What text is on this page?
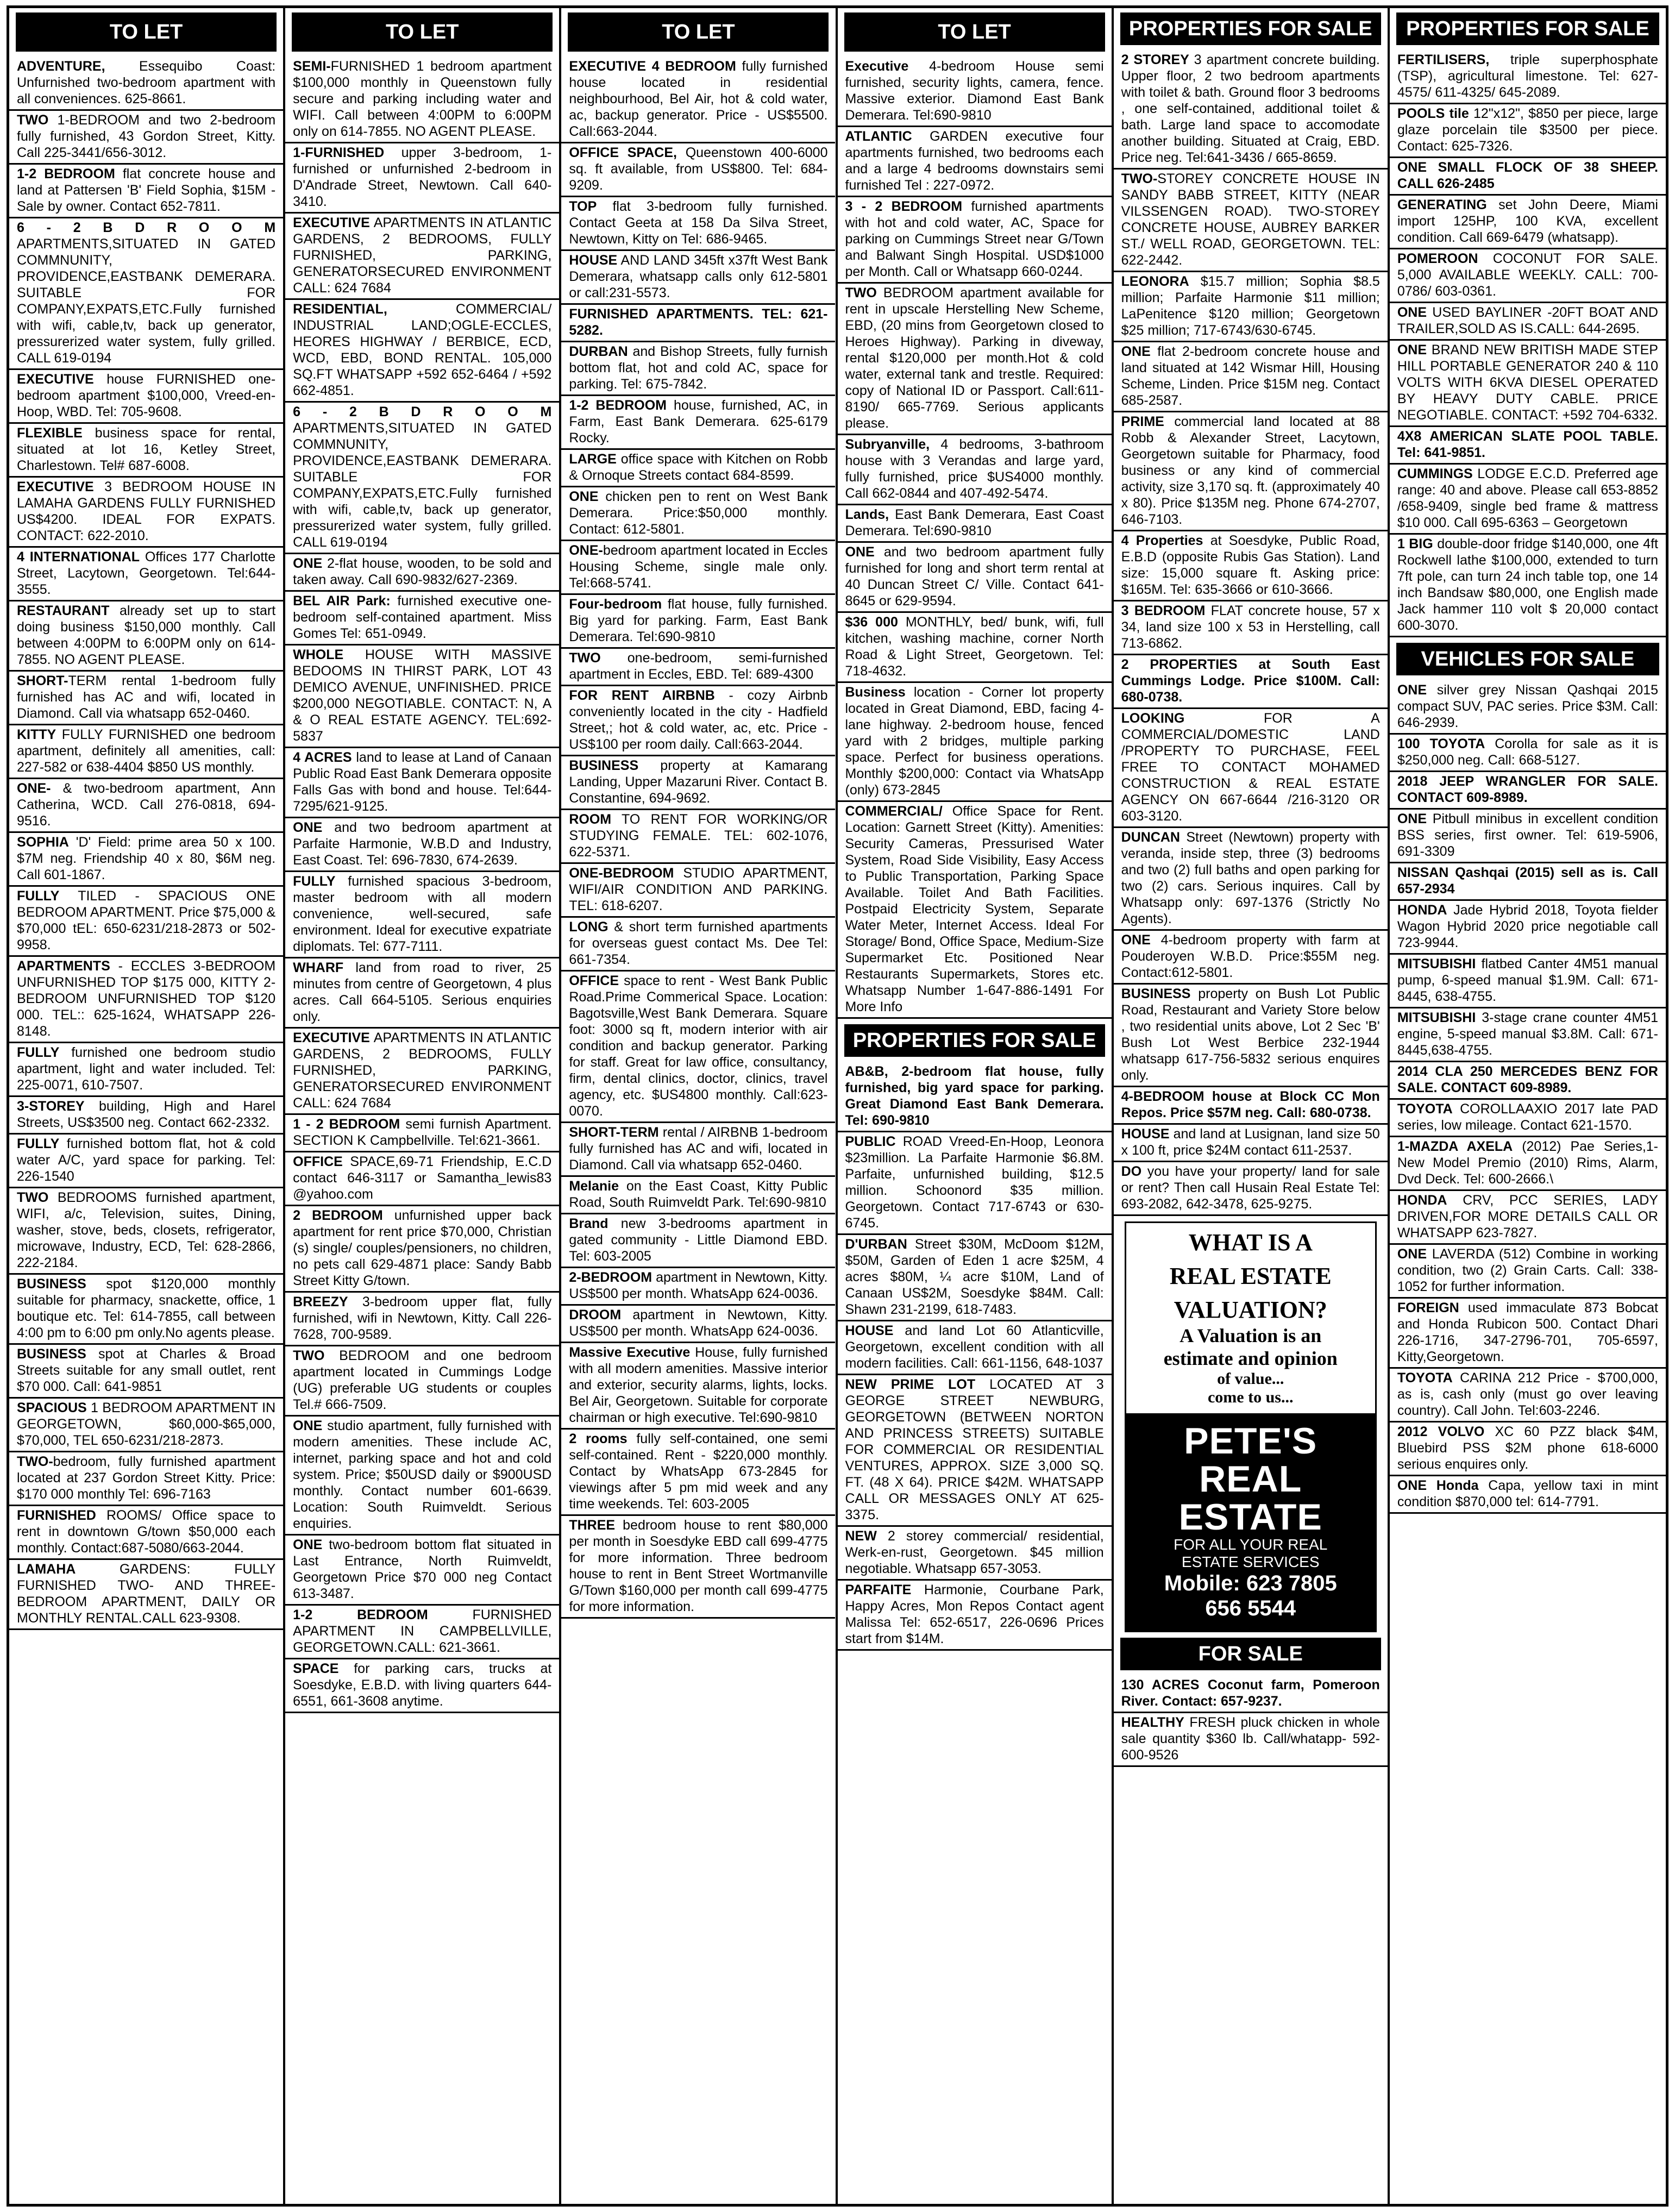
TO LET
ADVENTURE, Essequibo Coast: Unfurnished two-bedroom apartment with all conveniences. 625-8661.
TWO 1-BEDROOM and two 2-bedroom fully furnished, 43 Gordon Street, Kitty. Call 225-3441/656-3012.
1-2 BEDROOM flat concrete house and land at Pattersen 'B' Field Sophia, $15M - Sale by owner. Contact 652-7811.
6 - 2 B D R O O M APARTMENTS,SITUATED IN GATED COMMNUNITY, PROVIDENCE,EASTBANK DEMERARA. SUITABLE FOR COMPANY,EXPATS,ETC.Fully furnished with wifi, cable,tv, back up generator, pressurerized water system, fully grilled. CALL 619-0194
EXECUTIVE house FURNISHED one-bedroom apartment $100,000, Vreed-en-Hoop, WBD. Tel: 705-9608.
FLEXIBLE business space for rental, situated at lot 16, Ketley Street, Charlestown. Tel# 687-6008.
EXECUTIVE 3 BEDROOM HOUSE IN LAMAHA GARDENS FULLY FURNISHED US$4200. IDEAL FOR EXPATS. CONTACT: 622-2010.
4 INTERNATIONAL Offices 177 Charlotte Street, Lacytown, Georgetown. Tel:644-3555.
RESTAURANT already set up to start doing business $150,000 monthly. Call between 4:00PM to 6:00PM only on 614-7855. NO AGENT PLEASE.
SHORT-TERM rental 1-bedroom fully furnished has AC and wifi, located in Diamond. Call via whatsapp 652-0460.
KITTY FULLY FURNISHED one bedroom apartment, definitely all amenities, call: 227-582 or 638-4404 $850 US monthly.
ONE- & two-bedroom apartment, Ann Catherina, WCD. Call 276-0818, 694-9516.
SOPHIA 'D' Field: prime area 50 x 100. $7M neg. Friendship 40 x 80, $6M neg. Call 601-1867.
FULLY TILED - SPACIOUS ONE BEDROOM APARTMENT. Price $75,000 & $70,000 tEL: 650-6231/218-2873 or 502-9958.
APARTMENTS - ECCLES 3-BEDROOM UNFURNISHED TOP $175 000, KITTY 2-BEDROOM UNFURNISHED TOP $120 000. TEL:: 625-1624, WHATSAPP 226-8148.
FULLY furnished one bedroom studio apartment, light and water included. Tel: 225-0071, 610-7507.
3-STOREY building, High and Harel Streets, US$3500 neg. Contact 662-2332.
FULLY furnished bottom flat, hot & cold water A/C, yard space for parking. Tel: 226-1540
TWO BEDROOMS furnished apartment, WIFI, a/c, Television, suites, Dining, washer, stove, beds, closets, refrigerator, microwave, Industry, ECD, Tel: 628-2866, 222-2184.
BUSINESS spot $120,000 monthly suitable for pharmacy, snackette, office, 1 boutique etc. Tel: 614-7855, call between 4:00 pm to 6:00 pm only.No agents please.
BUSINESS spot at Charles & Broad Streets suitable for any small outlet, rent $70 000. Call: 641-9851
SPACIOUS 1 BEDROOM APARTMENT IN GEORGETOWN, $60,000-$65,000, $70,000, TEL 650-6231/218-2873.
TWO-bedroom, fully furnished apartment located at 237 Gordon Street Kitty. Price: $170 000 monthly Tel: 696-7163
FURNISHED ROOMS/ Office space to rent in downtown G/town $50,000 each monthly. Contact:687-5080/663-2044.
LAMAHA GARDENS: FULLY FURNISHED TWO- AND THREE-BEDROOM APARTMENT, DAILY OR MONTHLY RENTAL.CALL 623-9308.
TO LET
SEMI-FURNISHED 1 bedroom apartment $100,000 monthly in Queenstown fully secure and parking including water and WIFI. Call between 4:00PM to 6:00PM only on 614-7855. NO AGENT PLEASE.
1-FURNISHED upper 3-bedroom, 1-furnished or unfurnished 2-bedroom in D'Andrade Street, Newtown. Call 640-3410.
EXECUTIVE APARTMENTS IN ATLANTIC GARDENS, 2 BEDROOMS, FULLY FURNISHED, PARKING, GENERATORSECURED ENVIRONMENT CALL: 624 7684
RESIDENTIAL, COMMERCIAL/ INDUSTRIAL LAND;OGLE-ECCLES, HEORES HIGHWAY / BERBICE, ECD, WCD, EBD, BOND RENTAL. 105,000 SQ.FT WHATSAPP +592 652-6464 / +592 662-4851.
6 - 2 B D R O O M APARTMENTS,SITUATED IN GATED COMMNUNITY, PROVIDENCE,EASTBANK DEMERARA. SUITABLE FOR COMPANY,EXPATS,ETC.Fully furnished with wifi, cable,tv, back up generator, pressurerized water system, fully grilled. CALL 619-0194
ONE 2-flat house, wooden, to be sold and taken away. Call 690-9832/627-2369.
BEL AIR Park: furnished executive one-bedroom self-contained apartment. Miss Gomes Tel: 651-0949.
WHOLE HOUSE WITH MASSIVE BEDOOMS IN THIRST PARK, LOT 43 DEMICO AVENUE, UNFINISHED. PRICE $200,000 NEGOTIABLE. CONTACT: N, A & O REAL ESTATE AGENCY. TEL:692-5837
4 ACRES land to lease at Land of Canaan Public Road East Bank Demerara opposite Falls Gas with bond and house. Tel:644-7295/621-9125.
ONE and two bedroom apartment at Parfaite Harmonie, W.B.D and Industry, East Coast. Tel: 696-7830, 674-2639.
FULLY furnished spacious 3-bedroom, master bedroom with all modern convenience, well-secured, safe environment. Ideal for executive expatriate diplomats. Tel: 677-7111.
WHARF land from road to river, 25 minutes from centre of Georgetown, 4 plus acres. Call 664-5105. Serious enquiries only.
EXECUTIVE APARTMENTS IN ATLANTIC GARDENS, 2 BEDROOMS, FULLY FURNISHED, PARKING, GENERATORSECURED ENVIRONMENT CALL: 624 7684
1 - 2 BEDROOM semi furnish Apartment. SECTION K Campbellville. Tel:621-3661.
OFFICE SPACE,69-71 Friendship, E.C.D contact 646-3117 or Samantha_lewis83 @yahoo.com
2 BEDROOM unfurnished upper back apartment for rent price $70,000, Christian (s) single/ couples/pensioners, no children, no pets call 629-4871 place: Sandy Babb Street Kitty G/town.
BREEZY 3-bedroom upper flat, fully furnished, wifi in Newtown, Kitty. Call 226-7628, 700-9589.
TWO BEDROOM and one bedroom apartment located in Cummings Lodge (UG) preferable UG students or couples Tel.# 666-7509.
ONE studio apartment, fully furnished with modern amenities. These include AC, internet, parking space and hot and cold system. Price; $50USD daily or $900USD monthly. Contact number 601-6639. Location: South Ruimveldt. Serious enquiries.
ONE two-bedroom bottom flat situated in Last Entrance, North Ruimveldt, Georgetown Price $70 000 neg Contact 613-3487.
1-2 BEDROOM FURNISHED APARTMENT IN CAMPBELLVILLE, GEORGETOWN.CALL: 621-3661.
SPACE for parking cars, trucks at Soesdyke, E.B.D. with living quarters 644-6551, 661-3608 anytime.
TO LET
EXECUTIVE 4 BEDROOM fully furnished house located in residential neighbourhood, Bel Air, hot & cold water, ac, backup generator. Price - US$5500. Call:663-2044.
OFFICE SPACE, Queenstown 400-6000 sq. ft available, from US$800. Tel: 684-9209.
TOP flat 3-bedroom fully furnished. Contact Geeta at 158 Da Silva Street, Newtown, Kitty on Tel: 686-9465.
HOUSE AND LAND 345ft x37ft West Bank Demerara, whatsapp calls only 612-5801 or call:231-5573.
FURNISHED APARTMENTS. TEL: 621-5282.
DURBAN and Bishop Streets, fully furnish bottom flat, hot and cold AC, space for parking. Tel: 675-7842.
1-2 BEDROOM house, furnished, AC, in Farm, East Bank Demerara. 625-6179 Rocky.
LARGE office space with Kitchen on Robb & Ornoque Streets contact 684-8599.
ONE chicken pen to rent on West Bank Demerara. Price:$50,000 monthly. Contact: 612-5801.
ONE-bedroom apartment located in Eccles Housing Scheme, single male only. Tel:668-5741.
Four-bedroom flat house, fully furnished. Big yard for parking. Farm, East Bank Demerara. Tel:690-9810
TWO one-bedroom, semi-furnished apartment in Eccles, EBD. Tel: 689-4300
FOR RENT AIRBNB - cozy Airbnb conveniently located in the city - Hadfield Street,; hot & cold water, ac, etc. Price - US$100 per room daily. Call:663-2044.
BUSINESS property at Kamarang Landing, Upper Mazaruni River. Contact B. Constantine, 694-9692.
ROOM TO RENT FOR WORKING/OR STUDYING FEMALE. TEL: 602-1076, 622-5371.
ONE-BEDROOM STUDIO APARTMENT, WIFI/AIR CONDITION AND PARKING. TEL: 618-6207.
LONG & short term furnished apartments for overseas guest contact Ms. Dee Tel: 661-7354.
OFFICE space to rent - West Bank Public Road.Prime Commerical Space. Location: Bagotsville,West Bank Demerara. Square foot: 3000 sq ft, modern interior with air condition and backup generator. Parking for staff. Great for law office, consultancy, firm, dental clinics, doctor, clinics, travel agency, etc. $US4800 monthly. Call:623-0070.
SHORT-TERM rental / AIRBNB 1-bedroom fully furnished has AC and wifi, located in Diamond. Call via whatsapp 652-0460.
Melanie on the East Coast, Kitty Public Road, South Ruimveldt Park. Tel:690-9810
Brand new 3-bedrooms apartment in gated community - Little Diamond EBD. Tel: 603-2005
2-BEDROOM apartment in Newtown, Kitty. US$500 per month. WhatsApp 624-0036.
DROOM apartment in Newtown, Kitty. US$500 per month. WhatsApp 624-0036.
Massive Executive House, fully furnished with all modern amenities. Massive interior and exterior, security alarms, lights, locks. Bel Air, Georgetown. Suitable for corporate chairman or high executive. Tel:690-9810
2 rooms fully self-contained, one semi self-contained. Rent - $220,000 monthly. Contact by WhatsApp 673-2845 for viewings after 5 pm mid week and any time weekends. Tel: 603-2005
THREE bedroom house to rent $80,000 per month in Soesdyke EBD call 699-4775 for more information. Three bedroom house to rent in Bent Street Wortmanville G/Town $160,000 per month call 699-4775 for more information.
TO LET
Executive 4-bedroom House semi furnished, security lights, camera, fence. Massive exterior. Diamond East Bank Demerara. Tel:690-9810
ATLANTIC GARDEN executive four apartments furnished, two bedrooms each and a large 4 bedrooms downstairs semi furnished Tel : 227-0972.
3 - 2 BEDROOM furnished apartments with hot and cold water, AC, Space for parking on Cummings Street near G/Town and Balwant Singh Hospital. USD$1000 per Month. Call or Whatsapp 660-0244.
TWO BEDROOM apartment available for rent in upscale Herstelling New Scheme, EBD, (20 mins from Georgetown closed to Heroes Highway). Parking in diveway, rental $120,000 per month.Hot & cold water, external tank and trestle. Required: copy of National ID or Passport. Call:611-8190/ 665-7769. Serious applicants please.
Subryanville, 4 bedrooms, 3-bathroom house with 3 Verandas and large yard, fully furnished, price $US4000 monthly. Call 662-0844 and 407-492-5474.
Lands, East Bank Demerara, East Coast Demerara. Tel:690-9810
ONE and two bedroom apartment fully furnished for long and short term rental at 40 Duncan Street C/ Ville. Contact 641-8645 or 629-9594.
$36 000 MONTHLY, bed/ bunk, wifi, full kitchen, washing machine, corner North Road & Light Street, Georgetown. Tel: 718-4632.
Business location - Corner lot property located in Great Diamond, EBD, facing 4-lane highway. 2-bedroom house, fenced yard with 2 bridges, multiple parking space. Perfect for business operations. Monthly $200,000: Contact via WhatsApp (only) 673-2845
COMMERCIAL/ Office Space for Rent. Location: Garnett Street (Kitty). Amenities: Security Cameras, Pressurised Water System, Road Side Visibility, Easy Access to Public Transportation, Parking Space Available. Toilet And Bath Facilities. Postpaid Electricity System, Separate Water Meter, Internet Access. Ideal For Storage/ Bond, Office Space, Medium-Size Supermarket Etc. Positioned Near Restaurants Supermarkets, Stores etc. Whatsapp Number 1-647-886-1491 For More Info
PROPERTIES FOR SALE
AB&B, 2-bedroom flat house, fully furnished, big yard space for parking. Great Diamond East Bank Demerara. Tel: 690-9810
PUBLIC ROAD Vreed-En-Hoop, Leonora $23million. La Parfaite Harmonie $6.8M. Parfaite, unfurnished building, $12.5 million. Schoonord $35 million. Georgetown. Contact 717-6743 or 630-6745.
D'URBAN Street $30M, McDoom $12M, $50M, Garden of Eden 1 acre $25M, 4 acres $80M, ¼ acre $10M, Land of Canaan US$2M, Soesdyke $84M. Call: Shawn 231-2199, 618-7483.
HOUSE and land Lot 60 Atlanticville, Georgetown, excellent condition with all modern facilities. Call: 661-1156, 648-1037
NEW PRIME LOT LOCATED AT 3 GEORGE STREET NEWBURG, GEORGETOWN (BETWEEN NORTON AND PRINCESS STREETS) SUITABLE FOR COMMERCIAL OR RESIDENTIAL VENTURES, APPROX. SIZE 3,000 SQ. FT. (48 X 64). PRICE $42M. WHATSAPP CALL OR MESSAGES ONLY AT 625-3375.
NEW 2 storey commercial/ residential, Werk-en-rust, Georgetown. $45 million negotiable. Whatsapp 657-3053.
PARFAITE Harmonie, Courbane Park, Happy Acres, Mon Repos Contact agent Malissa Tel: 652-6517, 226-0696 Prices start from $14M.
PROPERTIES FOR SALE
2 STOREY 3 apartment concrete building. Upper floor, 2 two bedroom apartments with toilet & bath. Ground floor 3 bedrooms , one self-contained, additional toilet & bath. Large land space to accomodate another building. Situated at Craig, EBD. Price neg. Tel:641-3436 / 665-8659.
TWO-STOREY CONCRETE HOUSE IN SANDY BABB STREET, KITTY (NEAR VILSSENGEN ROAD). TWO-STOREY CONCRETE HOUSE, AUBREY BARKER ST./ WELL ROAD, GEORGETOWN. TEL: 622-2442.
LEONORA $15.7 million; Sophia $8.5 million; Parfaite Harmonie $11 million; LaPenitence $120 million; Georgetown $25 million; 717-6743/630-6745.
ONE flat 2-bedroom concrete house and land situated at 142 Wismar Hill, Housing Scheme, Linden. Price $15M neg. Contact 685-2587.
PRIME commercial land located at 88 Robb & Alexander Street, Lacytown, Georgetown suitable for Pharmacy, food business or any kind of commercial activity, size 3,170 sq. ft. (approximately 40 x 80). Price $135M neg. Phone 674-2707, 646-7103.
4 Properties at Soesdyke, Public Road, E.B.D (opposite Rubis Gas Station). Land size: 15,000 square ft. Asking price: $165M. Tel: 635-3666 or 610-3666.
3 BEDROOM FLAT concrete house, 57 x 34, land size 100 x 53 in Herstelling, call 713-6862.
2 PROPERTIES at South East Cummings Lodge. Price $100M. Call: 680-0738.
LOOKING FOR A COMMERCIAL/DOMESTIC LAND /PROPERTY TO PURCHASE, FEEL FREE TO CONTACT MOHAMED CONSTRUCTION & REAL ESTATE AGENCY ON 667-6644 /216-3120 OR 603-3120.
DUNCAN Street (Newtown) property with veranda, inside step, three (3) bedrooms and two (2) full baths and open parking for two (2) cars. Serious inquires. Call by Whatsapp only: 697-1376 (Strictly No Agents).
ONE 4-bedroom property with farm at Pouderoyen W.B.D. Price:$55M neg. Contact:612-5801.
BUSINESS property on Bush Lot Public Road, Restaurant and Variety Store below , two residential units above, Lot 2 Sec 'B' Bush Lot West Berbice 232-1944 whatsapp 617-756-5832 serious enquires only.
4-BEDROOM house at Block CC Mon Repos. Price $57M neg. Call: 680-0738.
HOUSE and land at Lusignan, land size 50 x 100 ft, price $24M contact 611-2537.
DO you have your property/ land for sale or rent? Then call Husain Real Estate Tel: 693-2082, 642-3478, 625-9275.
WHAT IS A
REAL ESTATE
VALUATION?
A Valuation is an
estimate and opinion
of value...
come to us...
PETE'S
REAL ESTATE
FOR ALL YOUR REAL
ESTATE SERVICES
Mobile: 623 7805
656 5544
FOR SALE
130 ACRES Coconut farm, Pomeroon River. Contact: 657-9237.
HEALTHY FRESH pluck chicken in whole sale quantity $360 lb. Call/whatapp- 592-600-9526
PROPERTIES FOR SALE
FERTILISERS, triple superphosphate (TSP), agricultural limestone. Tel: 627-4575/ 611-4325/ 645-2089.
POOLS tile 12"x12", $850 per piece, large glaze porcelain tile $3500 per piece. Contact: 625-7326.
ONE SMALL FLOCK OF 38 SHEEP. CALL 626-2485
GENERATING set John Deere, Miami import 125HP, 100 KVA, excellent condition. Call 669-6479 (whatsapp).
POMEROON COCONUT FOR SALE. 5,000 AVAILABLE WEEKLY. CALL: 700-0786/ 603-0361.
ONE USED BAYLINER -20FT BOAT AND TRAILER,SOLD AS IS.CALL: 644-2695.
ONE BRAND NEW BRITISH MADE STEP HILL PORTABLE GENERATOR 240 & 110 VOLTS WITH 6KVA DIESEL OPERATED BY HEAVY DUTY CABLE. PRICE NEGOTIABLE. CONTACT: +592 704-6332.
4X8 AMERICAN SLATE POOL TABLE. Tel: 641-9851.
CUMMINGS LODGE E.C.D. Preferred age range: 40 and above. Please call 653-8852 /658-9409, single bed frame & mattress $10 000. Call 695-6363 – Georgetown
1 BIG double-door fridge $140,000, one 4ft Rockwell lathe $100,000, extended to turn 7ft pole, can turn 24 inch table top, one 14 inch Bandsaw $80,000, one English made Jack hammer 110 volt $ 20,000 contact 600-3070.
VEHICLES FOR SALE
ONE silver grey Nissan Qashqai 2015 compact SUV, PAC series. Price $3M. Call: 646-2939.
100 TOYOTA Corolla for sale as it is $250,000 neg. Call: 668-5127.
2018 JEEP WRANGLER FOR SALE. CONTACT 609-8989.
ONE Pitbull minibus in excellent condition BSS series, first owner. Tel: 619-5906, 691-3309
NISSAN Qashqai (2015) sell as is. Call 657-2934
HONDA Jade Hybrid 2018, Toyota fielder Wagon Hybrid 2020 price negotiable call 723-9944.
MITSUBISHI flatbed Canter 4M51 manual pump, 6-speed manual $1.9M. Call: 671-8445, 638-4755.
MITSUBISHI 3-stage crane counter 4M51 engine, 5-speed manual $3.8M. Call: 671-8445,638-4755.
2014 CLA 250 MERCEDES BENZ FOR SALE. CONTACT 609-8989.
TOYOTA COROLLAAXIO 2017 late PAD series, low mileage. Contact 621-1570.
1-MAZDA AXELA (2012) Pae Series,1- New Model Premio (2010) Rims, Alarm, Dvd Deck. Tel: 600-2666.\
HONDA CRV, PCC SERIES, LADY DRIVEN,FOR MORE DETAILS CALL OR WHATSAPP 623-7827.
ONE LAVERDA (512) Combine in working condition, two (2) Grain Carts. Call: 338-1052 for further information.
FOREIGN used immaculate 873 Bobcat and Honda Rubicon 500. Contact Dhari 226-1716, 347-2796-701, 705-6597, Kitty,Georgetown.
TOYOTA CARINA 212 Price - $700,000, as is, cash only (must go over leaving country). Call John. Tel:603-2246.
2012 VOLVO XC 60 PZZ black $4M, Bluebird PSS $2M phone 618-6000 serious enquires only.
ONE Honda Capa, yellow taxi in mint condition $870,000 tel: 614-7791.
